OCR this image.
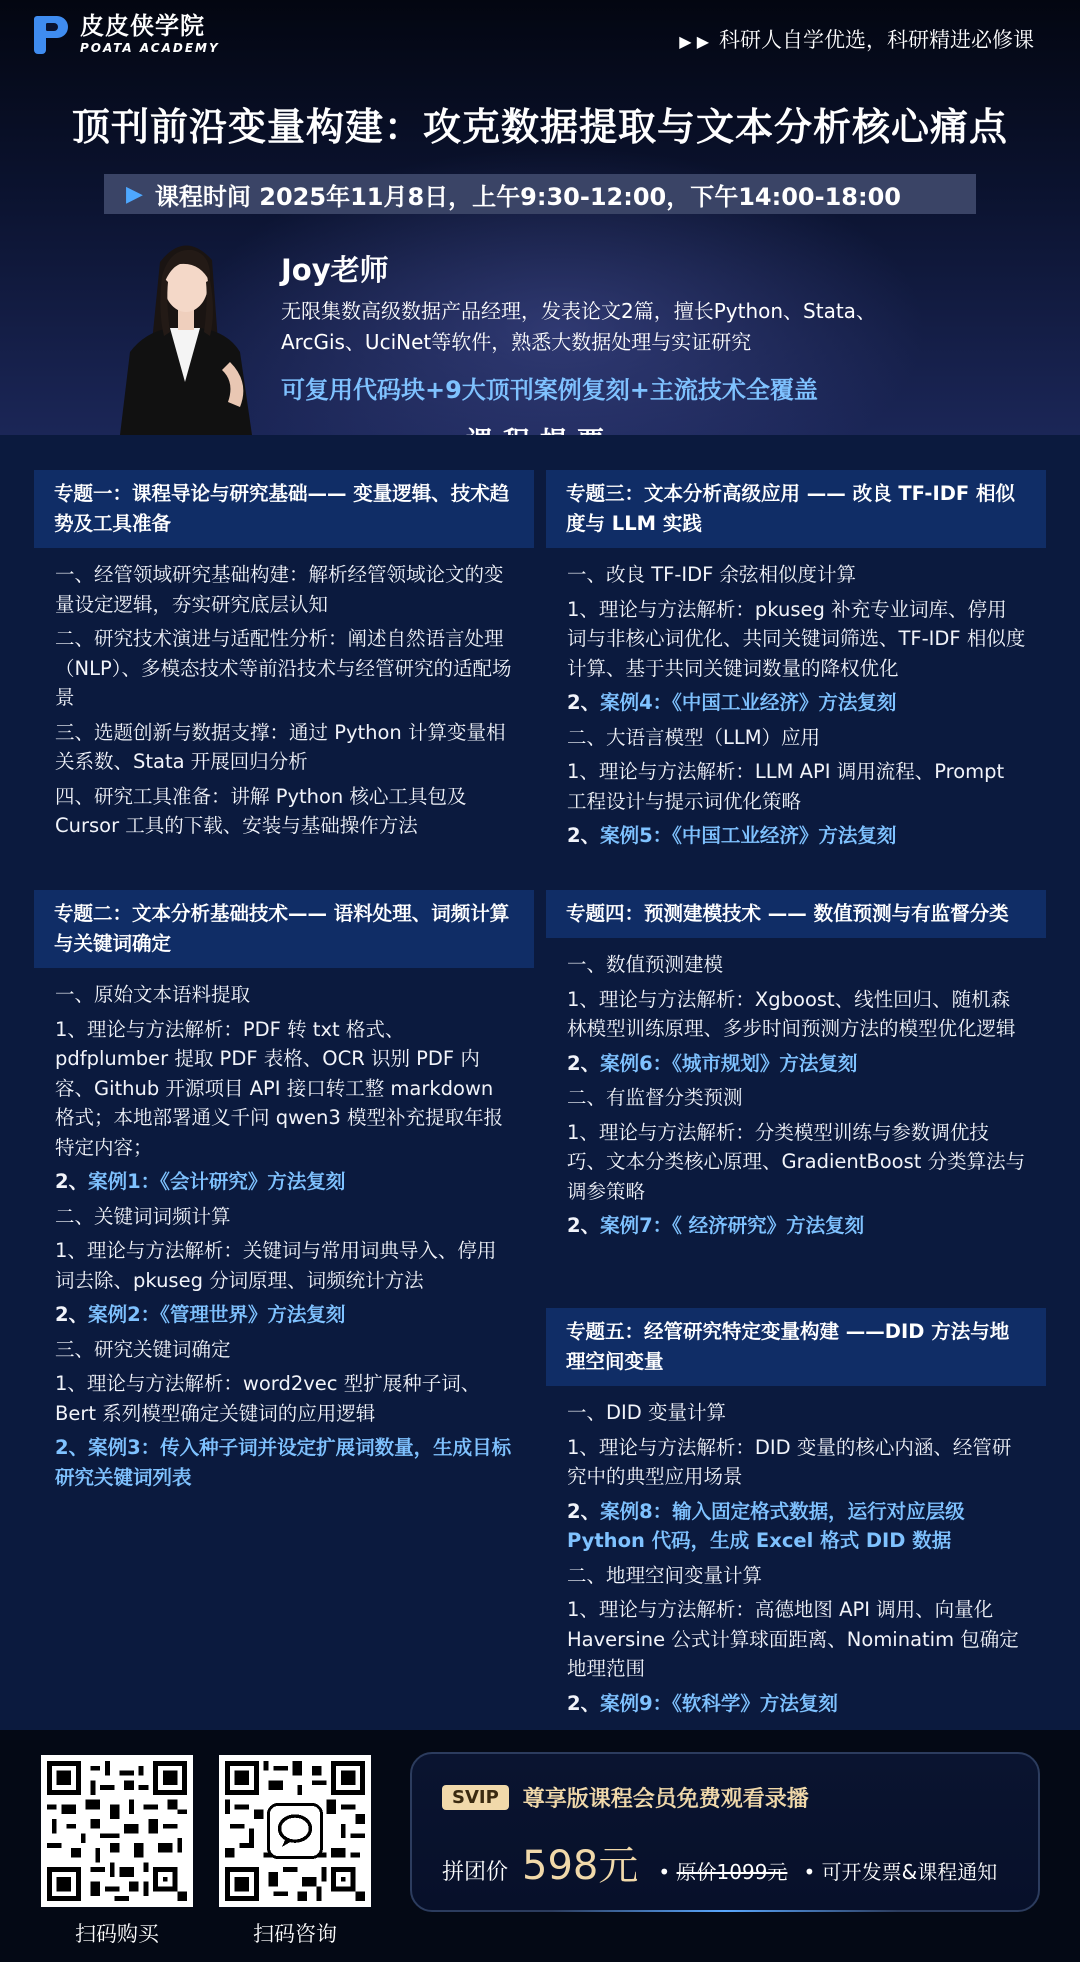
皮皮侠学院
POATA ACADEMY	▶ ▶ 科研人自学优选，科研精进必修课
顶刊前沿变量构建：攻克数据提取与文本分析核心痛点
▶ 课程时间 2025年11月8日，上午9:30-12:00，下午14:00-18:00
Joy老师
无限集数高级数据产品经理，发表论文2篇，擅长Python、Stata、
ArcGis、UciNet等软件，熟悉大数据处理与实证研究
可复用代码块+9大顶刊案例复刻+主流技术全覆盖
专题一：课程导论与研究基础—— 变量逻辑、技术趋势及工具准备

一、经管领域研究基础构建：解析经管领域论文的变量设定逻辑，夯实研究底层认知

二、研究技术演进与适配性分析：阐述自然语言处理（NLP）、多模态技术等前沿技术与经管研究的适配场景

三、选题创新与数据支撑：通过 Python 计算变量相关系数、Stata 开展回归分析

四、研究工具准备：讲解 Python 核心工具包及 Cursor 工具的下载、安装与基础操作方法

专题二：文本分析基础技术—— 语料处理、词频计算与关键词确定

一、原始文本语料提取

1、理论与方法解析：PDF 转 txt 格式、pdfplumber 提取 PDF 表格、OCR 识别 PDF 内容、Github 开源项目 API 接口转工整 markdown 格式；本地部署通义千问 qwen3 模型补充提取年报特定内容；

2、案例1：《会计研究》方法复刻

二、关键词词频计算

1、理论与方法解析：关键词与常用词典导入、停用词去除、pkuseg 分词原理、词频统计方法

2、案例2：《管理世界》方法复刻

三、研究关键词确定

1、理论与方法解析：word2vec 型扩展种子词、Bert 系列模型确定关键词的应用逻辑

2、案例3：传入种子词并设定扩展词数量，生成目标研究关键词列表

专题三：文本分析高级应用 —— 改良 TF-IDF 相似度与 LLM 实践

一、改良 TF-IDF 余弦相似度计算

1、理论与方法解析：pkuseg 补充专业词库、停用词与非核心词优化、共同关键词筛选、TF-IDF 相似度计算、基于共同关键词数量的降权优化

2、案例4：《中国工业经济》方法复刻

二、大语言模型（LLM）应用

1、理论与方法解析：LLM API 调用流程、Prompt 工程设计与提示词优化策略

2、案例5：《中国工业经济》方法复刻

专题四：预测建模技术 —— 数值预测与有监督分类

一、数值预测建模

1、理论与方法解析：Xgboost、线性回归、随机森林模型训练原理、多步时间预测方法的模型优化逻辑

2、案例6：《城市规划》方法复刻

二、有监督分类预测

1、理论与方法解析：分类模型训练与参数调优技巧、文本分类核心原理、GradientBoost 分类算法与调参策略

2、案例7：《 经济研究》方法复刻

专题五：经管研究特定变量构建 ——DID 方法与地理空间变量

一、DID 变量计算

1、理论与方法解析：DID 变量的核心内涵、经管研究中的典型应用场景

2、案例8：输入固定格式数据，运行对应层级 Python 代码，生成 Excel 格式 DID 数据

二、地理空间变量计算

1、理论与方法解析：高德地图 API 调用、向量化 Haversine 公式计算球面距离、Nominatim 包确定地理范围

2、案例9：《软科学》方法复刻

扫码购买	扫码咨询
SVIP	尊享版课程会员免费观看录播
拼团价 598元 • 原价1099元 • 可开发票&课程通知
